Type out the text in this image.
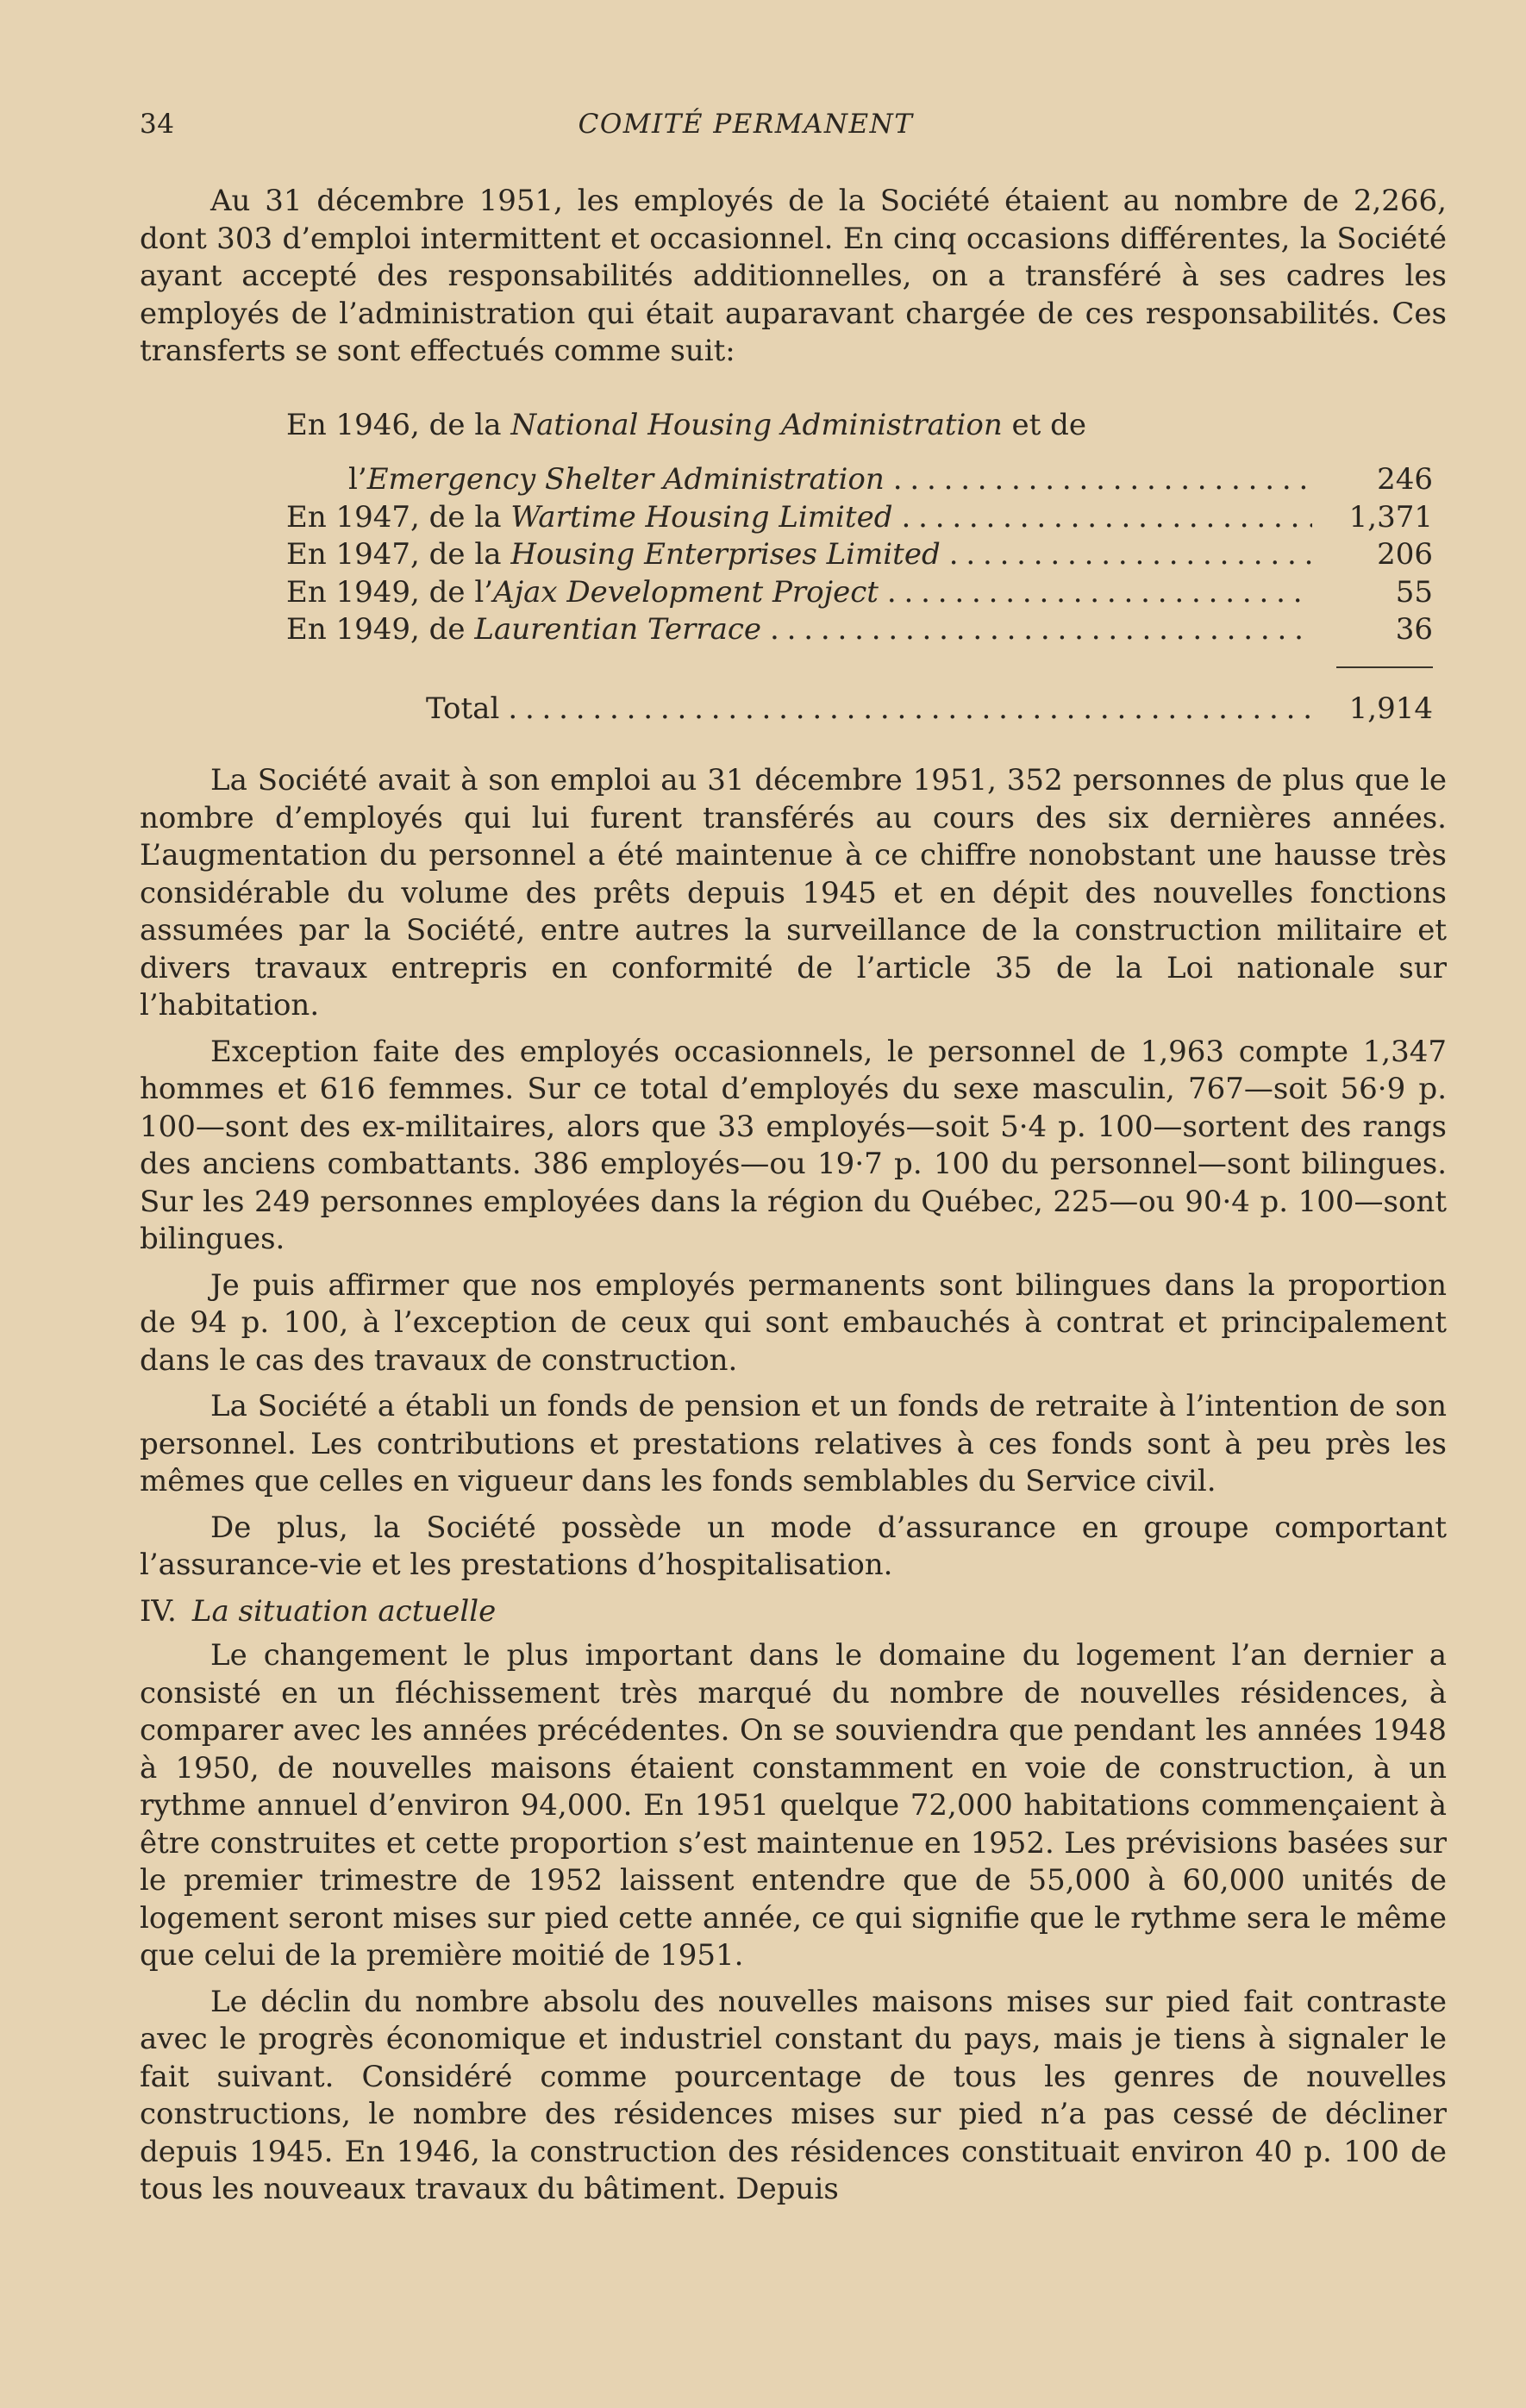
34	COMITÉ PERMANENT

Au 31 décembre 1951, les employés de la Société étaient au nombre de 2,266, dont 303 d’emploi intermittent et occasionnel. En cinq occasions différentes, la Société ayant accepté des responsabilités additionnelles, on a transféré à ses cadres les employés de l’administration qui était auparavant chargée de ces responsabilités. Ces transferts se sont effectués comme suit:

En 1946, de la National Housing Administration et de
l’Emergency Shelter Administration . . .	246
En 1947, de la Wartime Housing Limited . . .	1,371
En 1947, de la Housing Enterprises Limited . . .	206
En 1949, de l’Ajax Development Project . . .	55
En 1949, de Laurentian Terrace . . .	36
Total . . .	1,914

La Société avait à son emploi au 31 décembre 1951, 352 personnes de plus que le nombre d’employés qui lui furent transférés au cours des six dernières années. L’augmentation du personnel a été maintenue à ce chiffre nonobstant une hausse très considérable du volume des prêts depuis 1945 et en dépit des nouvelles fonctions assumées par la Société, entre autres la surveillance de la construction militaire et divers travaux entrepris en conformité de l’article 35 de la Loi nationale sur l’habitation.

Exception faite des employés occasionnels, le personnel de 1,963 compte 1,347 hommes et 616 femmes. Sur ce total d’employés du sexe masculin, 767—soit 56·9 p. 100—sont des ex-militaires, alors que 33 employés—soit 5·4 p. 100—sortent des rangs des anciens combattants. 386 employés—ou 19·7 p. 100 du personnel—sont bilingues. Sur les 249 personnes employées dans la région du Québec, 225—ou 90·4 p. 100—sont bilingues.

Je puis affirmer que nos employés permanents sont bilingues dans la proportion de 94 p. 100, à l’exception de ceux qui sont embauchés à contrat et principalement dans le cas des travaux de construction.

La Société a établi un fonds de pension et un fonds de retraite à l’intention de son personnel. Les contributions et prestations relatives à ces fonds sont à peu près les mêmes que celles en vigueur dans les fonds semblables du Service civil.

De plus, la Société possède un mode d’assurance en groupe comportant l’assurance-vie et les prestations d’hospitalisation.

IV. La situation actuelle

Le changement le plus important dans le domaine du logement l’an dernier a consisté en un fléchissement très marqué du nombre de nouvelles résidences, à comparer avec les années précédentes. On se souviendra que pendant les années 1948 à 1950, de nouvelles maisons étaient constamment en voie de construction, à un rythme annuel d’environ 94,000. En 1951 quelque 72,000 habitations commençaient à être construites et cette proportion s’est maintenue en 1952. Les prévisions basées sur le premier trimestre de 1952 laissent entendre que de 55,000 à 60,000 unités de logement seront mises sur pied cette année, ce qui signifie que le rythme sera le même que celui de la première moitié de 1951.

Le déclin du nombre absolu des nouvelles maisons mises sur pied fait contraste avec le progrès économique et industriel constant du pays, mais je tiens à signaler le fait suivant. Considéré comme pourcentage de tous les genres de nouvelles constructions, le nombre des résidences mises sur pied n’a pas cessé de décliner depuis 1945. En 1946, la construction des résidences constituait environ 40 p. 100 de tous les nouveaux travaux du bâtiment. Depuis
